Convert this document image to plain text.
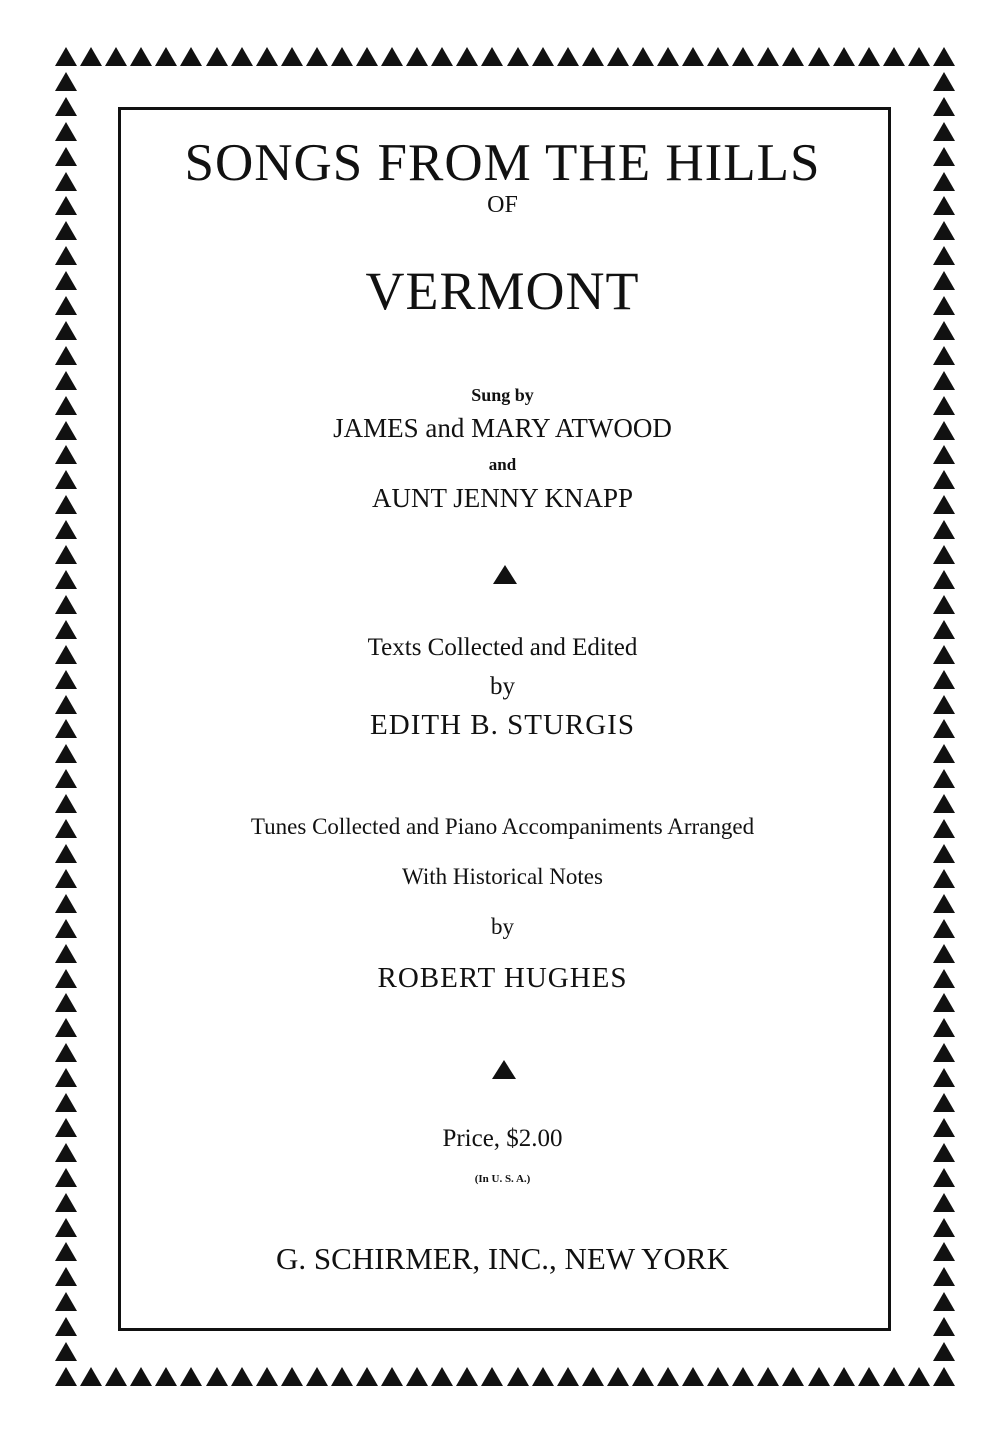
SONGS FROM THE HILLS
OF
VERMONT
Sung by
JAMES and MARY ATWOOD
and
AUNT JENNY KNAPP
Texts Collected and Edited
by
EDITH B. STURGIS
Tunes Collected and Piano Accompaniments Arranged
With Historical Notes
by
ROBERT HUGHES
Price, $2.00
(In U. S. A.)
G. SCHIRMER, INC., NEW YORK
